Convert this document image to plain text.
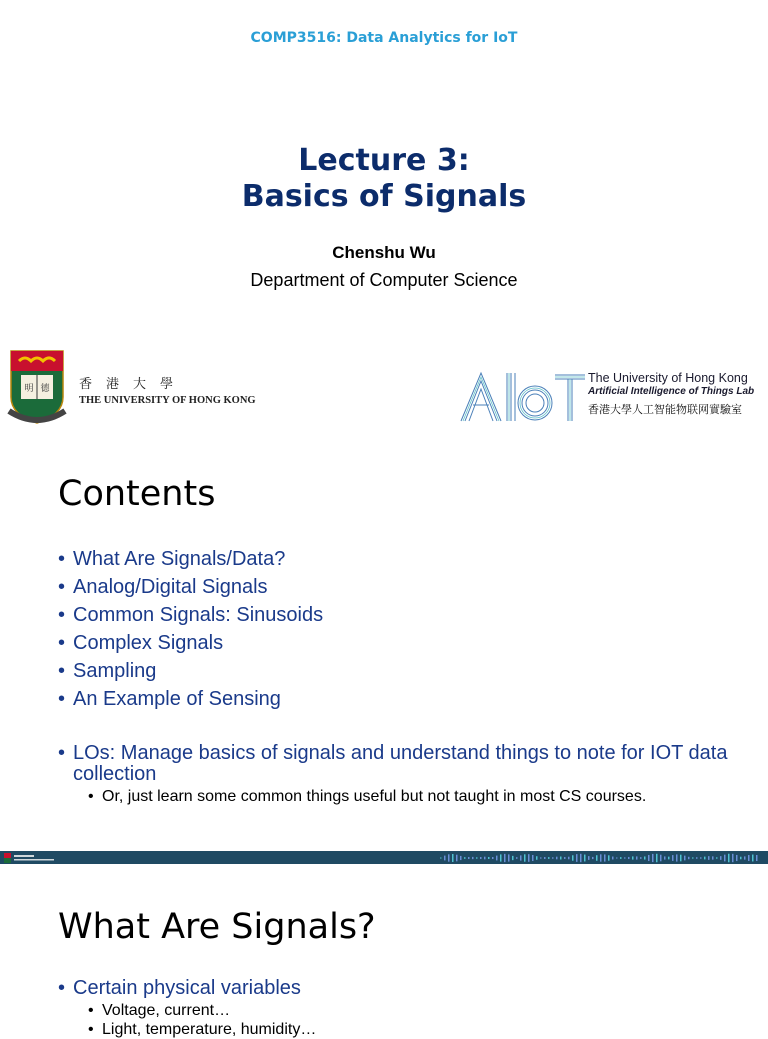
COMP3516: Data Analytics for IoT
Lecture 3:
Basics of Signals
Chenshu Wu
Department of Computer Science
明 德 香港大學
THE UNIVERSITY OF HONG KONG
The University of Hong Kong
Artificial Intelligence of Things Lab
香港大學人工智能物联网實驗室
Contents
• What Are Signals/Data?
• Analog/Digital Signals
• Common Signals: Sinusoids
• Complex Signals
• Sampling
• An Example of Sensing
• LOs: Manage basics of signals and understand things to note for IOT data collection
• Or, just learn some common things useful but not taught in most CS courses.
What Are Signals?
• Certain physical variables
• Voltage, current…
• Light, temperature, humidity…
